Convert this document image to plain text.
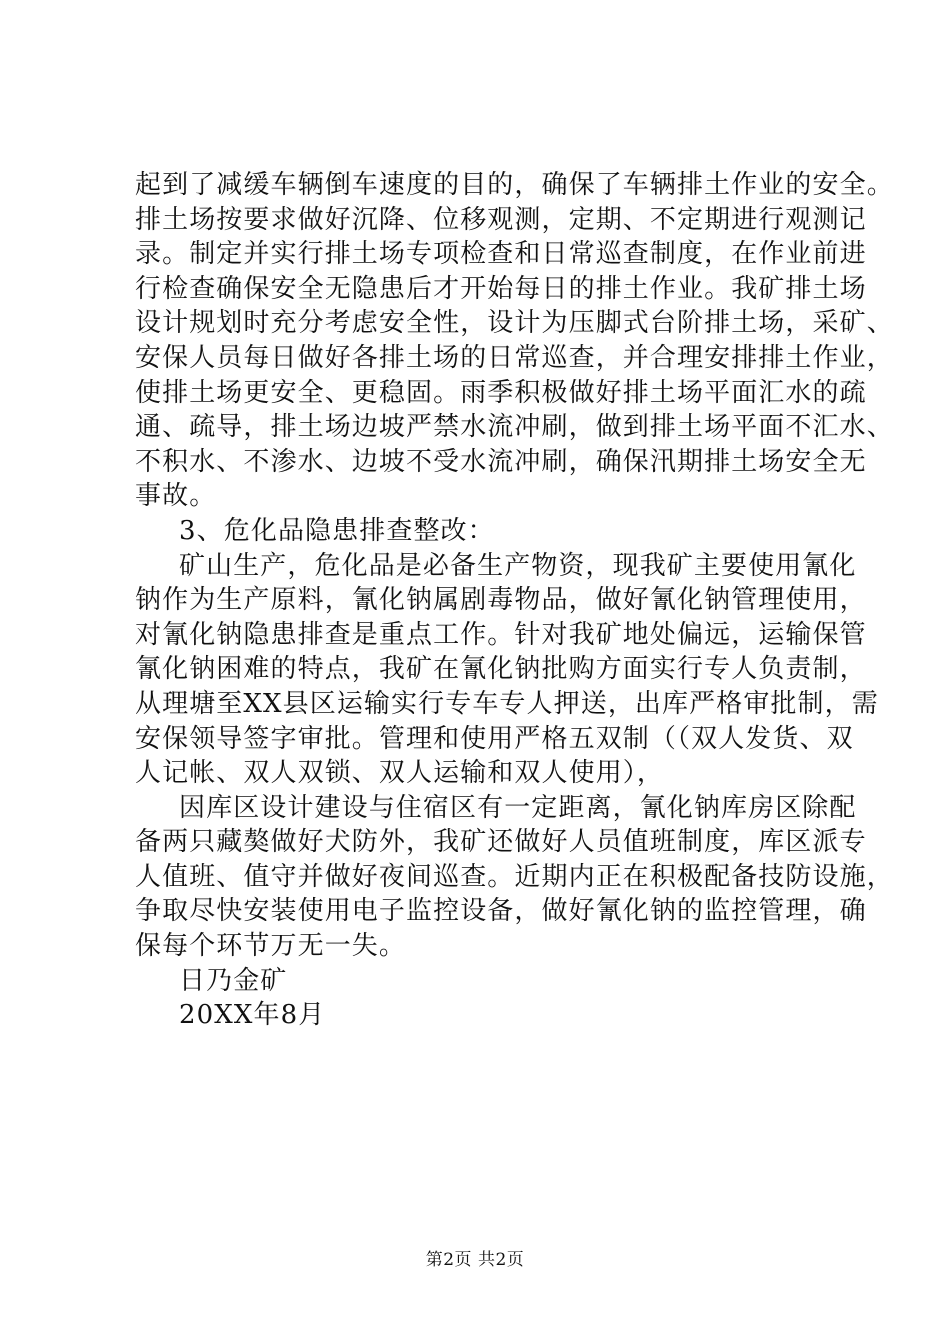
起到了减缓车辆倒车速度的目的，确保了车辆排土作业的安全。
排土场按要求做好沉降、位移观测，定期、不定期进行观测记
录。制定并实行排土场专项检查和日常巡查制度，在作业前进
行检查确保安全无隐患后才开始每日的排土作业。我矿排土场
设计规划时充分考虑安全性，设计为压脚式台阶排土场，采矿、
安保人员每日做好各排土场的日常巡查，并合理安排排土作业，
使排土场更安全、更稳固。雨季积极做好排土场平面汇水的疏
通、疏导，排土场边坡严禁水流冲刷，做到排土场平面不汇水、
不积水、不渗水、边坡不受水流冲刷，确保汛期排土场安全无
事故。
3、危化品隐患排查整改：
矿山生产，危化品是必备生产物资，现我矿主要使用氰化
钠作为生产原料，氰化钠属剧毒物品，做好氰化钠管理使用，
对氰化钠隐患排查是重点工作。针对我矿地处偏远，运输保管
氰化钠困难的特点，我矿在氰化钠批购方面实行专人负责制，
从理塘至XX县区运输实行专车专人押送，出库严格审批制，需
安保领导签字审批。管理和使用严格五双制（（双人发货、双
人记帐、双人双锁、双人运输和双人使用），
因库区设计建设与住宿区有一定距离，氰化钠库房区除配
备两只藏獒做好犬防外，我矿还做好人员值班制度，库区派专
人值班、值守并做好夜间巡查。近期内正在积极配备技防设施，
争取尽快安装使用电子监控设备，做好氰化钠的监控管理，确
保每个环节万无一失。
日乃金矿
20XX年8月
第2页 共2页
